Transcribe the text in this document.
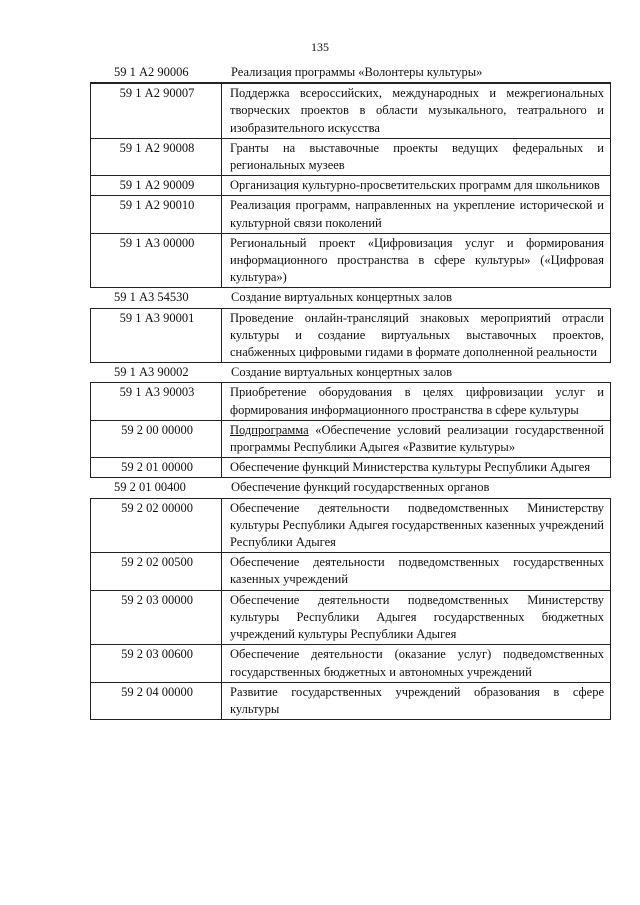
135
59 1 А2 90006	Реализация программы «Волонтеры культуры»
59 1 А2 90007	Поддержка всероссийских, международных и межрегиональных творческих проектов в области музыкального, театрального и изобразительного искусства
59 1 А2 90008	Гранты на выставочные проекты ведущих федеральных и региональных музеев
59 1 А2 90009	Организация культурно-просветительских программ для школьников
59 1 А2 90010	Реализация программ, направленных на укрепление исторической и культурной связи поколений
59 1 А3 00000	Региональный проект «Цифровизация услуг и формирования информационного пространства в сфере культуры» («Цифровая культура»)
59 1 А3 54530	Создание виртуальных концертных залов
59 1 А3 90001	Проведение онлайн-трансляций знаковых мероприятий отрасли культуры и создание виртуальных выставочных проектов, снабженных цифровыми гидами в формате дополненной реальности
59 1 А3 90002	Создание виртуальных концертных залов
59 1 А3 90003	Приобретение оборудования в целях цифровизации услуг и формирования информационного пространства в сфере культуры
59 2 00 00000	Подпрограмма «Обеспечение условий реализации государственной программы Республики Адыгея «Развитие культуры»
59 2 01 00000	Обеспечение функций Министерства культуры Республики Адыгея
59 2 01 00400	Обеспечение функций государственных органов
59 2 02 00000	Обеспечение деятельности подведомственных Министерству культуры Республики Адыгея государственных казенных учреждений Республики Адыгея
59 2 02 00500	Обеспечение деятельности подведомственных государственных казенных учреждений
59 2 03 00000	Обеспечение деятельности подведомственных Министерству культуры Республики Адыгея государственных бюджетных учреждений культуры Республики Адыгея
59 2 03 00600	Обеспечение деятельности (оказание услуг) подведомственных государственных бюджетных и автономных учреждений
59 2 04 00000	Развитие государственных учреждений образования в сфере культуры
